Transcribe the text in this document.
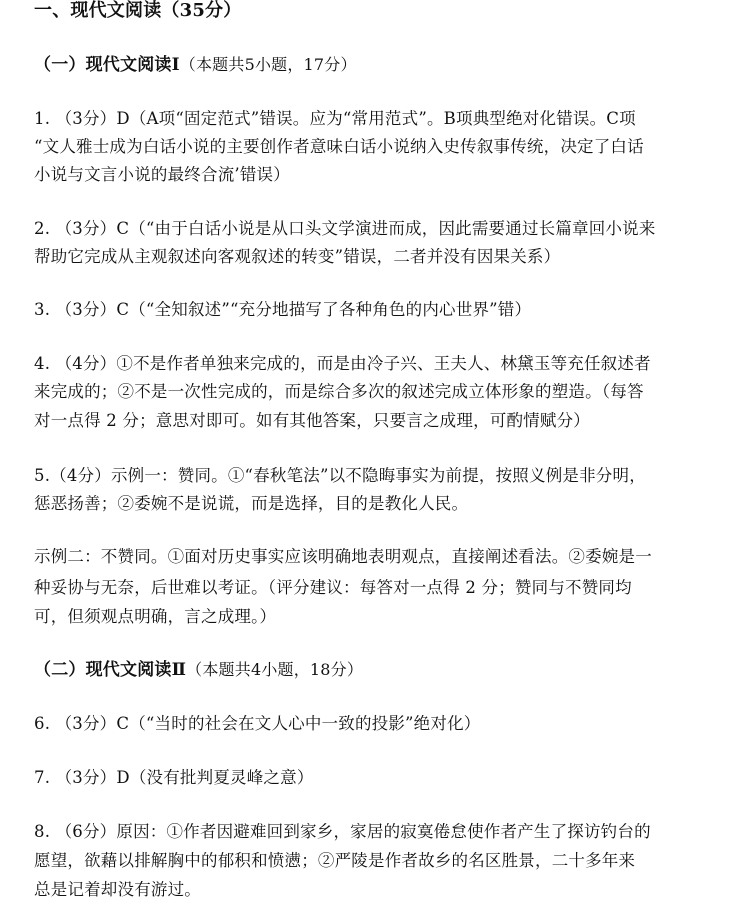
一、现代文阅读（35分）
（一）现代文阅读Ⅰ（本题共5小题，17分）
1. （3分）D（A项“固定范式”错误。应为“常用范式”。B项典型绝对化错误。C项
“文人雅士成为白话小说的主要创作者意味白话小说纳入史传叙事传统，决定了白话
小说与文言小说的最终合流’错误）
2. （3分）C（“由于白话小说是从口头文学演进而成，因此需要通过长篇章回小说来
帮助它完成从主观叙述向客观叙述的转变”错误，二者并没有因果关系）
3. （3分）C（“全知叙述”“充分地描写了各种角色的内心世界”错）
4. （4分）①不是作者单独来完成的，而是由冷子兴、王夫人、林黛玉等充任叙述者
来完成的；②不是一次性完成的，而是综合多次的叙述完成立体形象的塑造。（每答
对一点得 2 分；意思对即可。如有其他答案，只要言之成理，可酌情赋分）
5.（4分）示例一：赞同。①“春秋笔法”以不隐晦事实为前提，按照义例是非分明，
惩恶扬善；②委婉不是说谎，而是选择，目的是教化人民。
示例二：不赞同。①面对历史事实应该明确地表明观点，直接阐述看法。②委婉是一
种妥协与无奈，后世难以考证。（评分建议：每答对一点得 2 分；赞同与不赞同均
可，但须观点明确，言之成理。）
（二）现代文阅读Ⅱ（本题共4小题，18分）
6. （3分）C（“当时的社会在文人心中一致的投影”绝对化）
7. （3分）D（没有批判夏灵峰之意）
8. （6分）原因：①作者因避难回到家乡，家居的寂寞倦怠使作者产生了探访钓台的
愿望，欲藉以排解胸中的郁积和愤懑；②严陵是作者故乡的名区胜景，二十多年来
总是记着却没有游过。
